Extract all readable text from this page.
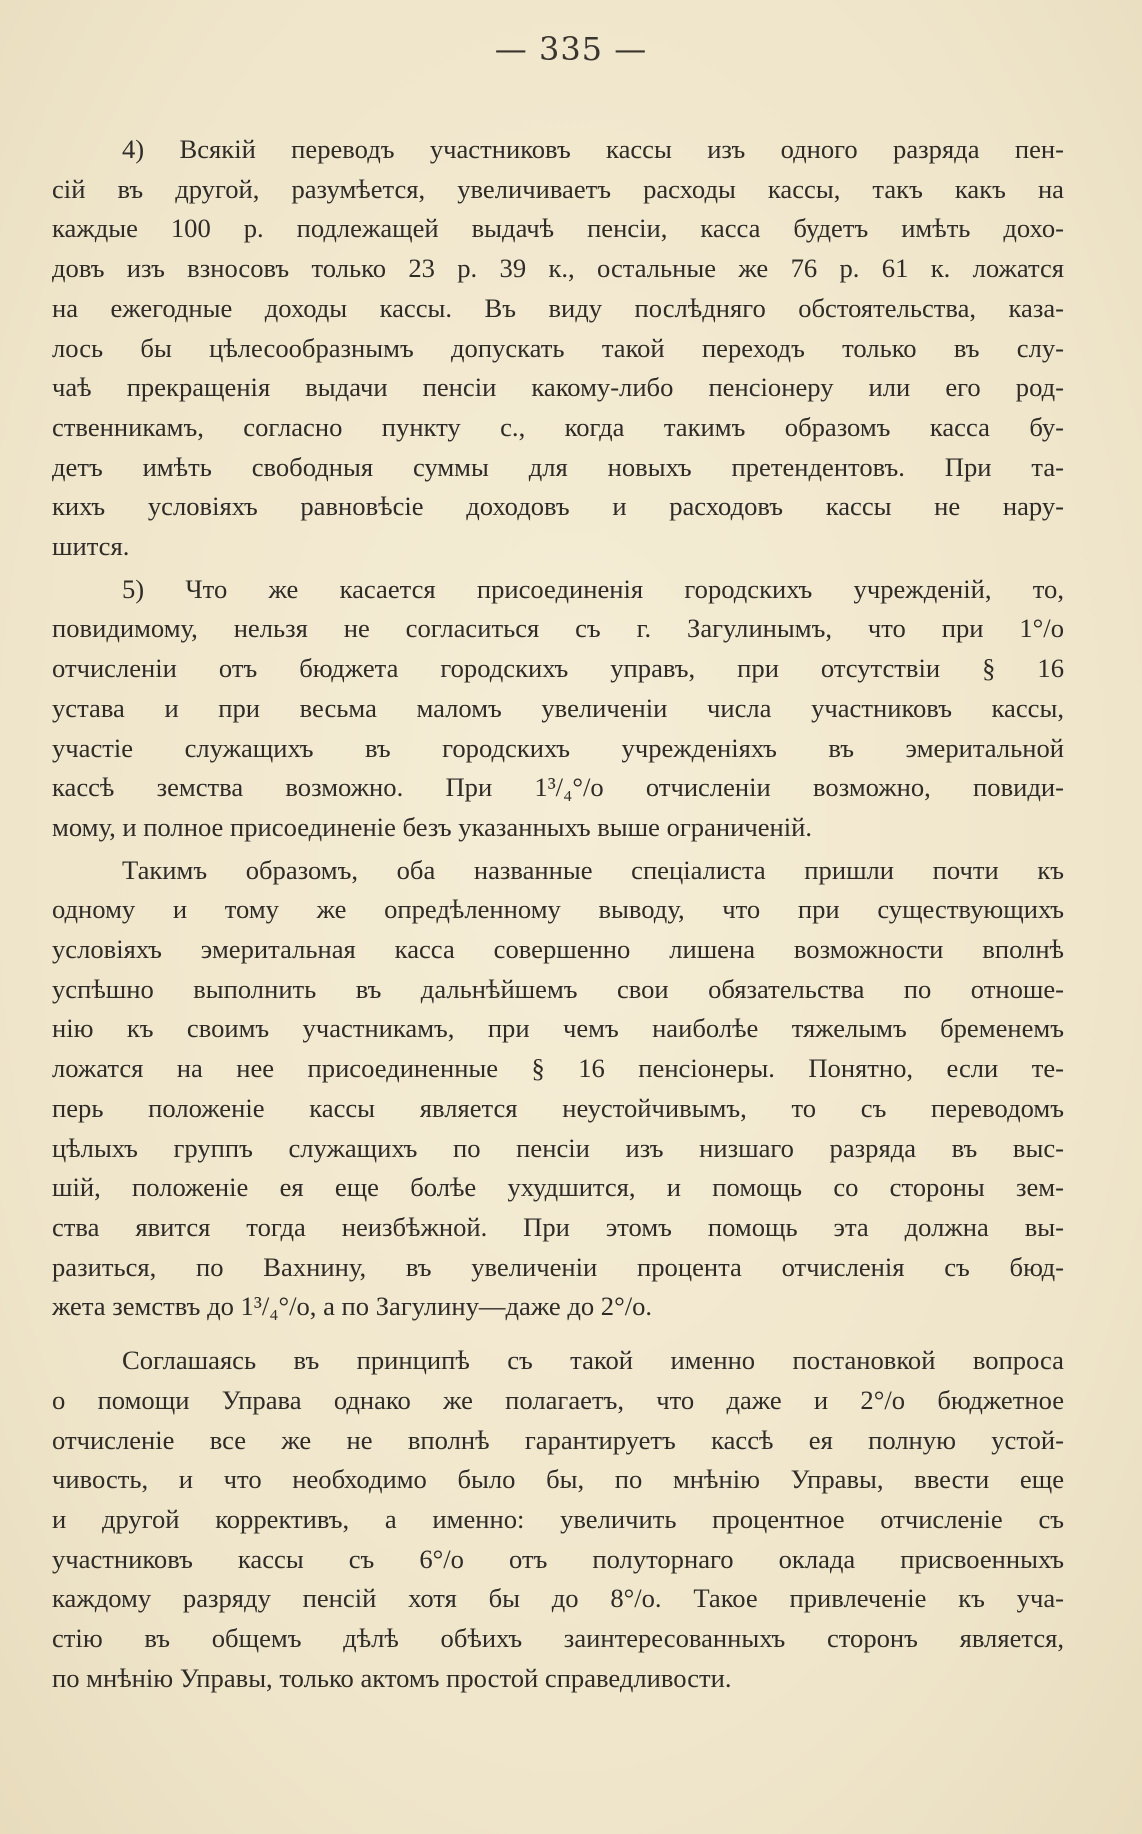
— 335 —

4) Всякій переводъ участниковъ кассы изъ одного разряда пен-
сій въ другой, разумѣется, увеличиваетъ расходы кассы, такъ какъ на
каждые 100 р. подлежащей выдачѣ пенсіи, касса будетъ имѣть дохо-
довъ изъ взносовъ только 23 р. 39 к., остальные же 76 р. 61 к. ложатся
на ежегодные доходы кассы. Въ виду послѣдняго обстоятельства, каза-
лось бы цѣлесообразнымъ допускать такой переходъ только въ слу-
чаѣ прекращенія выдачи пенсіи какому-либо пенсіонеру или его род-
ственникамъ, согласно пункту с., когда такимъ образомъ касса бу-
детъ имѣть свободныя суммы для новыхъ претендентовъ. При та-
кихъ условіяхъ равновѣсіе доходовъ и расходовъ кассы не нару-
шится.

5) Что же касается присоединенія городскихъ учрежденій, то,
повидимому, нельзя не согласиться съ г. Загулинымъ, что при 1°/о
отчисленіи отъ бюджета городскихъ управъ, при отсутствіи § 16
устава и при весьма маломъ увеличеніи числа участниковъ кассы,
участіе служащихъ въ городскихъ учрежденіяхъ въ эмеритальной
кассѣ земства возможно. При 1³/₄°/о отчисленіи возможно, повиди-
мому, и полное присоединеніе безъ указанныхъ выше ограниченій.

Такимъ образомъ, оба названные спеціалиста пришли почти къ
одному и тому же опредѣленному выводу, что при существующихъ
условіяхъ эмеритальная касса совершенно лишена возможности вполнѣ
успѣшно выполнить въ дальнѣйшемъ свои обязательства по отноше-
нію къ своимъ участникамъ, при чемъ наиболѣе тяжелымъ бременемъ
ложатся на нее присоединенные § 16 пенсіонеры. Понятно, если те-
перь положеніе кассы является неустойчивымъ, то съ переводомъ
цѣлыхъ группъ служащихъ по пенсіи изъ низшаго разряда въ выс-
шій, положеніе ея еще болѣе ухудшится, и помощь со стороны зем-
ства явится тогда неизбѣжной. При этомъ помощь эта должна вы-
разиться, по Вахнину, въ увеличеніи процента отчисленія съ бюд-
жета земствъ до 1³/₄°/о, а по Загулину—даже до 2°/о.

Соглашаясь въ принципѣ съ такой именно постановкой вопроса
о помощи Управа однако же полагаетъ, что даже и 2°/о бюджетное
отчисленіе все же не вполнѣ гарантируетъ кассѣ ея полную устой-
чивость, и что необходимо было бы, по мнѣнію Управы, ввести еще
и другой коррективъ, а именно: увеличить процентное отчисленіе съ
участниковъ кассы съ 6°/о отъ полуторнаго оклада присвоенныхъ
каждому разряду пенсій хотя бы до 8°/о. Такое привлеченіе къ уча-
стію въ общемъ дѣлѣ обѣихъ заинтересованныхъ сторонъ является,
по мнѣнію Управы, только актомъ простой справедливости.
